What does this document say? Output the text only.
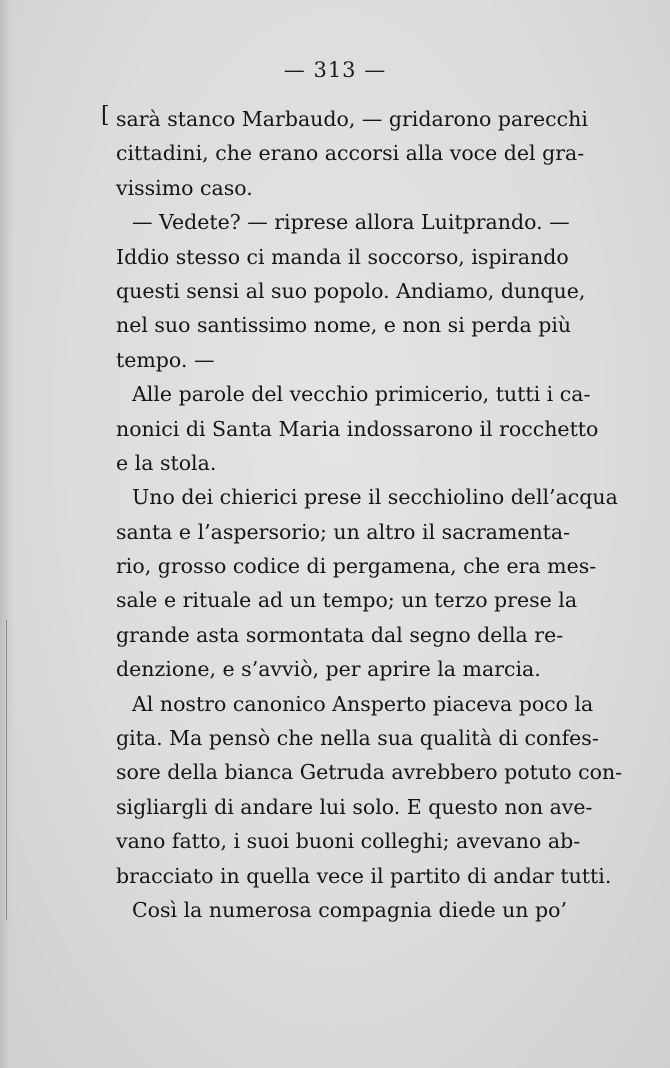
— 313 —
[ sarà stanco Marbaudo, — gridarono parecchi
cittadini, che erano accorsi alla voce del gra-
vissimo caso.
— Vedete? — riprese allora Luitprando. —
Iddio stesso ci manda il soccorso, ispirando
questi sensi al suo popolo. Andiamo, dunque,
nel suo santissimo nome, e non si perda più
tempo. —
Alle parole del vecchio primicerio, tutti i ca-
nonici di Santa Maria indossarono il rocchetto
e la stola.
Uno dei chierici prese il secchiolino dell’acqua
santa e l’aspersorio; un altro il sacramenta-
rio, grosso codice di pergamena, che era mes-
sale e rituale ad un tempo; un terzo prese la
grande asta sormontata dal segno della re-
denzione, e s’avviò, per aprire la marcia.
Al nostro canonico Ansperto piaceva poco la
gita. Ma pensò che nella sua qualità di confes-
sore della bianca Getruda avrebbero potuto con-
sigliargli di andare lui solo. E questo non ave-
vano fatto, i suoi buoni colleghi; avevano ab-
bracciato in quella vece il partito di andar tutti.
Così la numerosa compagnia diede un po’
